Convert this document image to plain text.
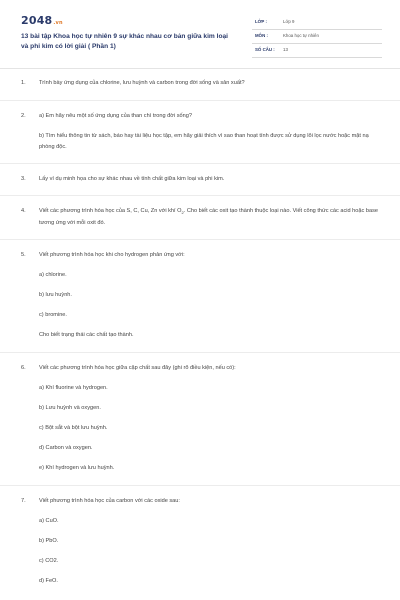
2048.vn
13 bài tập Khoa học tự nhiên 9 sự khác nhau cơ bản giữa kim loại và phi kim có lời giải ( Phần 1)
LỚP :	Lớp 9
MÔN :	Khoa học tự nhiên
SỐ CÂU : 13
1.	Trình bày ứng dụng của chlorine, lưu huỳnh và carbon trong đời sống và sản xuất?
2.	a) Em hãy nêu một số ứng dụng của than chì trong đời sống?
b) Tìm hiểu thông tin từ sách, báo hay tài liệu học tập, em hãy giải thích vì sao than hoạt tính được sử dụng lõi lọc nước hoặc mặt nạ phòng độc.
3.	Lấy ví dụ minh họa cho sự khác nhau về tính chất giữa kim loại và phi kim.
4.	Viết các phương trình hóa học của S, C, Cu, Zn với khí $O_2$. Cho biết các oxit tạo thành thuộc loại nào. Viết công thức các acid hoặc base tương ứng với mỗi oxit đó.
5.	Viết phương trình hóa học khi cho hydrogen phản ứng với:
a) chlorine.
b) lưu huỳnh.
c) bromine.
Cho biết trạng thái các chất tạo thành.
6.	Viết các phương trình hóa học giữa cặp chất sau đây (ghi rõ điều kiện, nếu có):
a) Khí fluorine và hydrogen.
b) Lưu huỳnh và oxygen.
c) Bột sắt và bột lưu huỳnh.
d) Carbon và oxygen.
e) Khí hydrogen và lưu huỳnh.
7.	Viết phương trình hóa học của carbon với các oxide sau:
a) CuO.
b) PbO.
c) CO2.
d) FeO.
